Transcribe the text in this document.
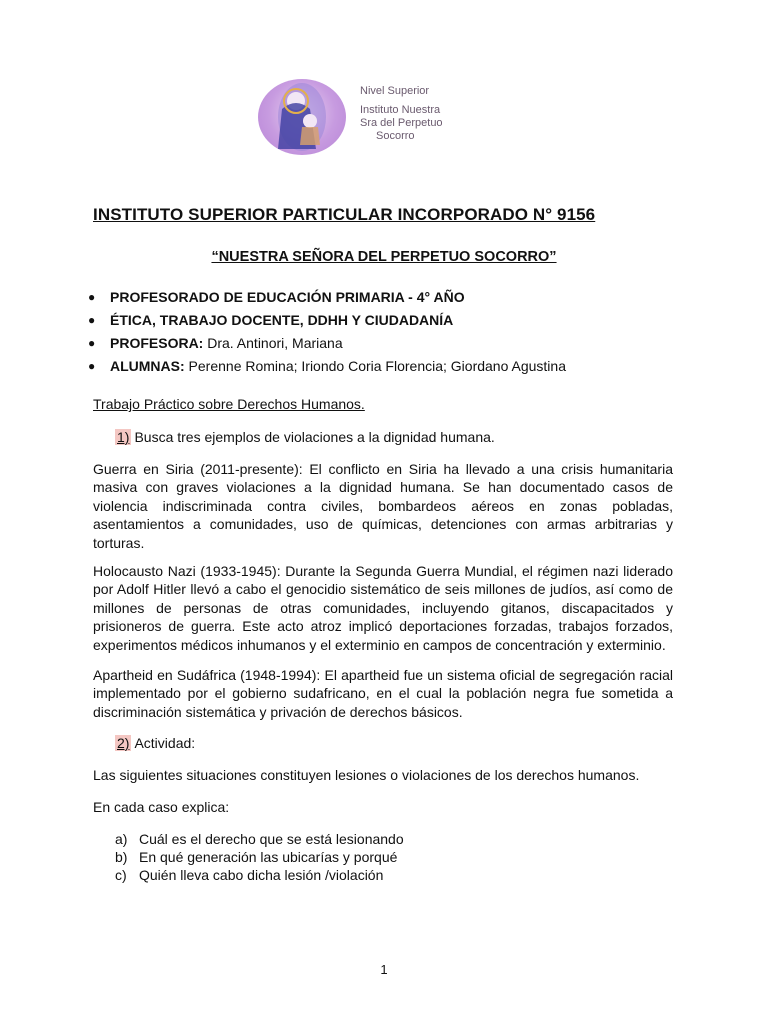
Nivel Superior
Instituto Nuestra
Sra del Perpetuo
Socorro
INSTITUTO SUPERIOR PARTICULAR INCORPORADO N° 9156
“NUESTRA SEÑORA DEL PERPETUO SOCORRO”
● PROFESORADO DE EDUCACIÓN PRIMARIA - 4° AÑO
● ÉTICA, TRABAJO DOCENTE, DDHH Y CIUDADANÍA
● PROFESORA: Dra. Antinori, Mariana
● ALUMNAS: Perenne Romina; Iriondo Coria Florencia; Giordano Agustina
Trabajo Práctico sobre Derechos Humanos.
1) Busca tres ejemplos de violaciones a la dignidad humana.

Guerra en Siria (2011-presente): El conflicto en Siria ha llevado a una crisis humanitaria masiva con graves violaciones a la dignidad humana. Se han documentado casos de violencia indiscriminada contra civiles, bombardeos aéreos en zonas pobladas, asentamientos a comunidades, uso de químicas, detenciones con armas arbitrarias y torturas.

Holocausto Nazi (1933-1945): Durante la Segunda Guerra Mundial, el régimen nazi liderado por Adolf Hitler llevó a cabo el genocidio sistemático de seis millones de judíos, así como de millones de personas de otras comunidades, incluyendo gitanos, discapacitados y prisioneros de guerra. Este acto atroz implicó deportaciones forzadas, trabajos forzados, experimentos médicos inhumanos y el exterminio en campos de concentración y exterminio.

Apartheid en Sudáfrica (1948-1994): El apartheid fue un sistema oficial de segregación racial implementado por el gobierno sudafricano, en el cual la población negra fue sometida a discriminación sistemática y privación de derechos básicos.

2) Actividad:
Las siguientes situaciones constituyen lesiones o violaciones de los derechos humanos.
En cada caso explica:
a) Cuál es el derecho que se está lesionando
b) En qué generación las ubicarías y porqué
c) Quién lleva cabo dicha lesión /violación
1
